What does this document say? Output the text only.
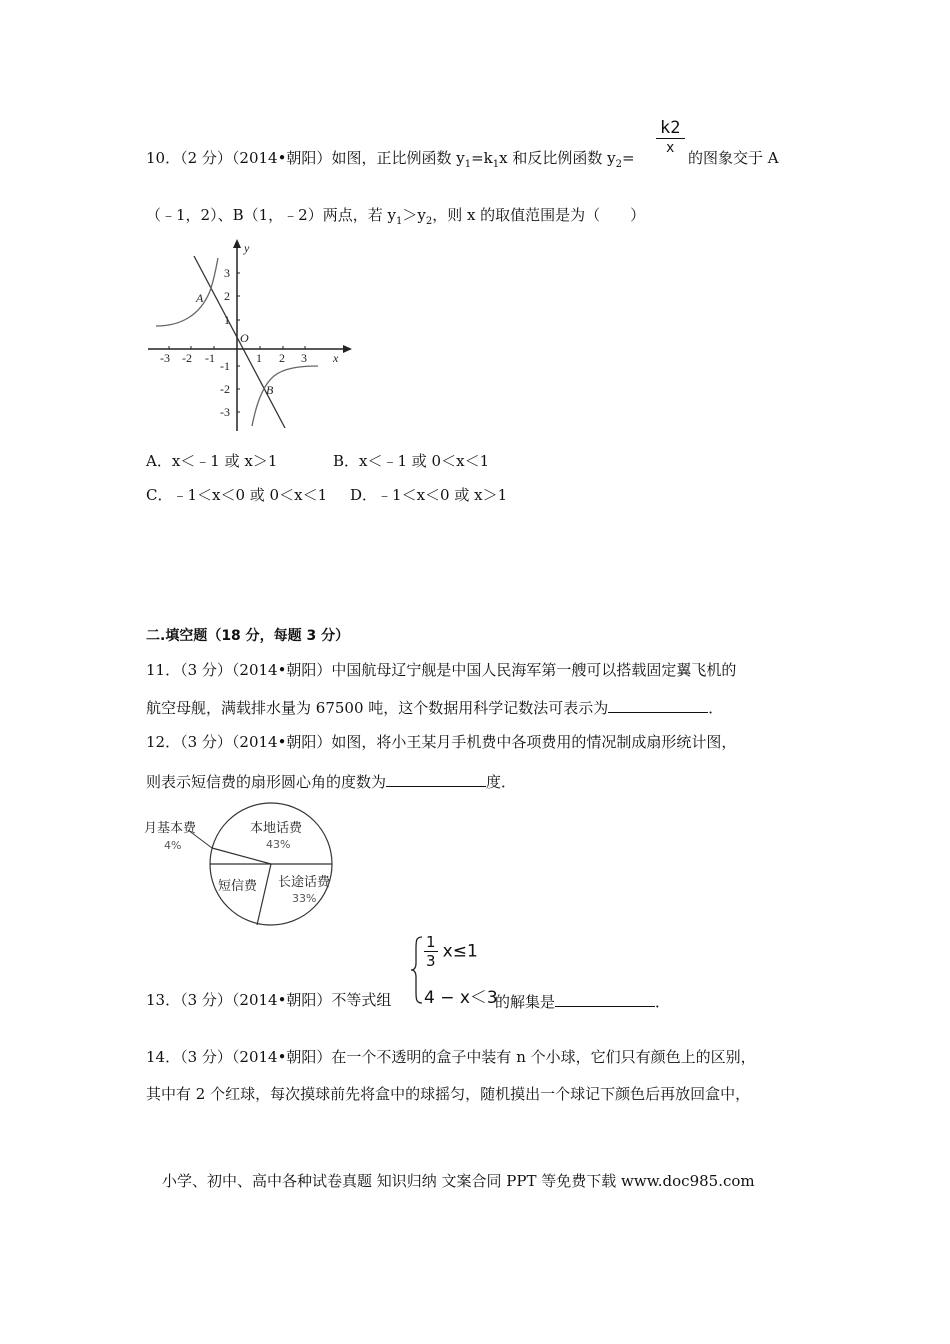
10．（2 分）（2014•朝阳）如图，正比例函数 $y_1=k_1x$ 和反比例函数 $y_2=$
k2
x
的图象交于 A
（﹣1，2）、B（1，﹣2）两点，若 $y_1>y_2$，则 x 的取值范围是为（　　）
y
x
O
A
B
-3 -2 -1	1 2 3
3
2
1
-1
-2
-3
A．x＜﹣1 或 x＞1	B．x＜﹣1 或 0＜x＜1
C．﹣1＜x＜0 或 0＜x＜1 D．﹣1＜x＜0 或 x＞1
二.填空题（18 分，每题 3 分）
11．（3 分）（2014•朝阳）中国航母辽宁舰是中国人民海军第一艘可以搭载固定翼飞机的
航空母舰，满载排水量为 67500 吨，这个数据用科学记数法可表示为	．
12．（3 分）（2014•朝阳）如图，将小王某月手机费中各项费用的情况制成扇形统计图，
则表示短信费的扇形圆心角的度数为	度．
月基本费
4%
本地话费
43%
长途话费
33%
短信费
13．（3 分）（2014•朝阳）不等式组
$\frac{1}{3} x\le 1$
4 − x＜3
的解集是	．
14．（3 分）（2014•朝阳）在一个不透明的盒子中装有 n 个小球，它们只有颜色上的区别，
其中有 2 个红球，每次摸球前先将盒中的球摇匀，随机摸出一个球记下颜色后再放回盒中，
小学、初中、高中各种试卷真题 知识归纳 文案合同 PPT 等免费下载 www.doc985.com
